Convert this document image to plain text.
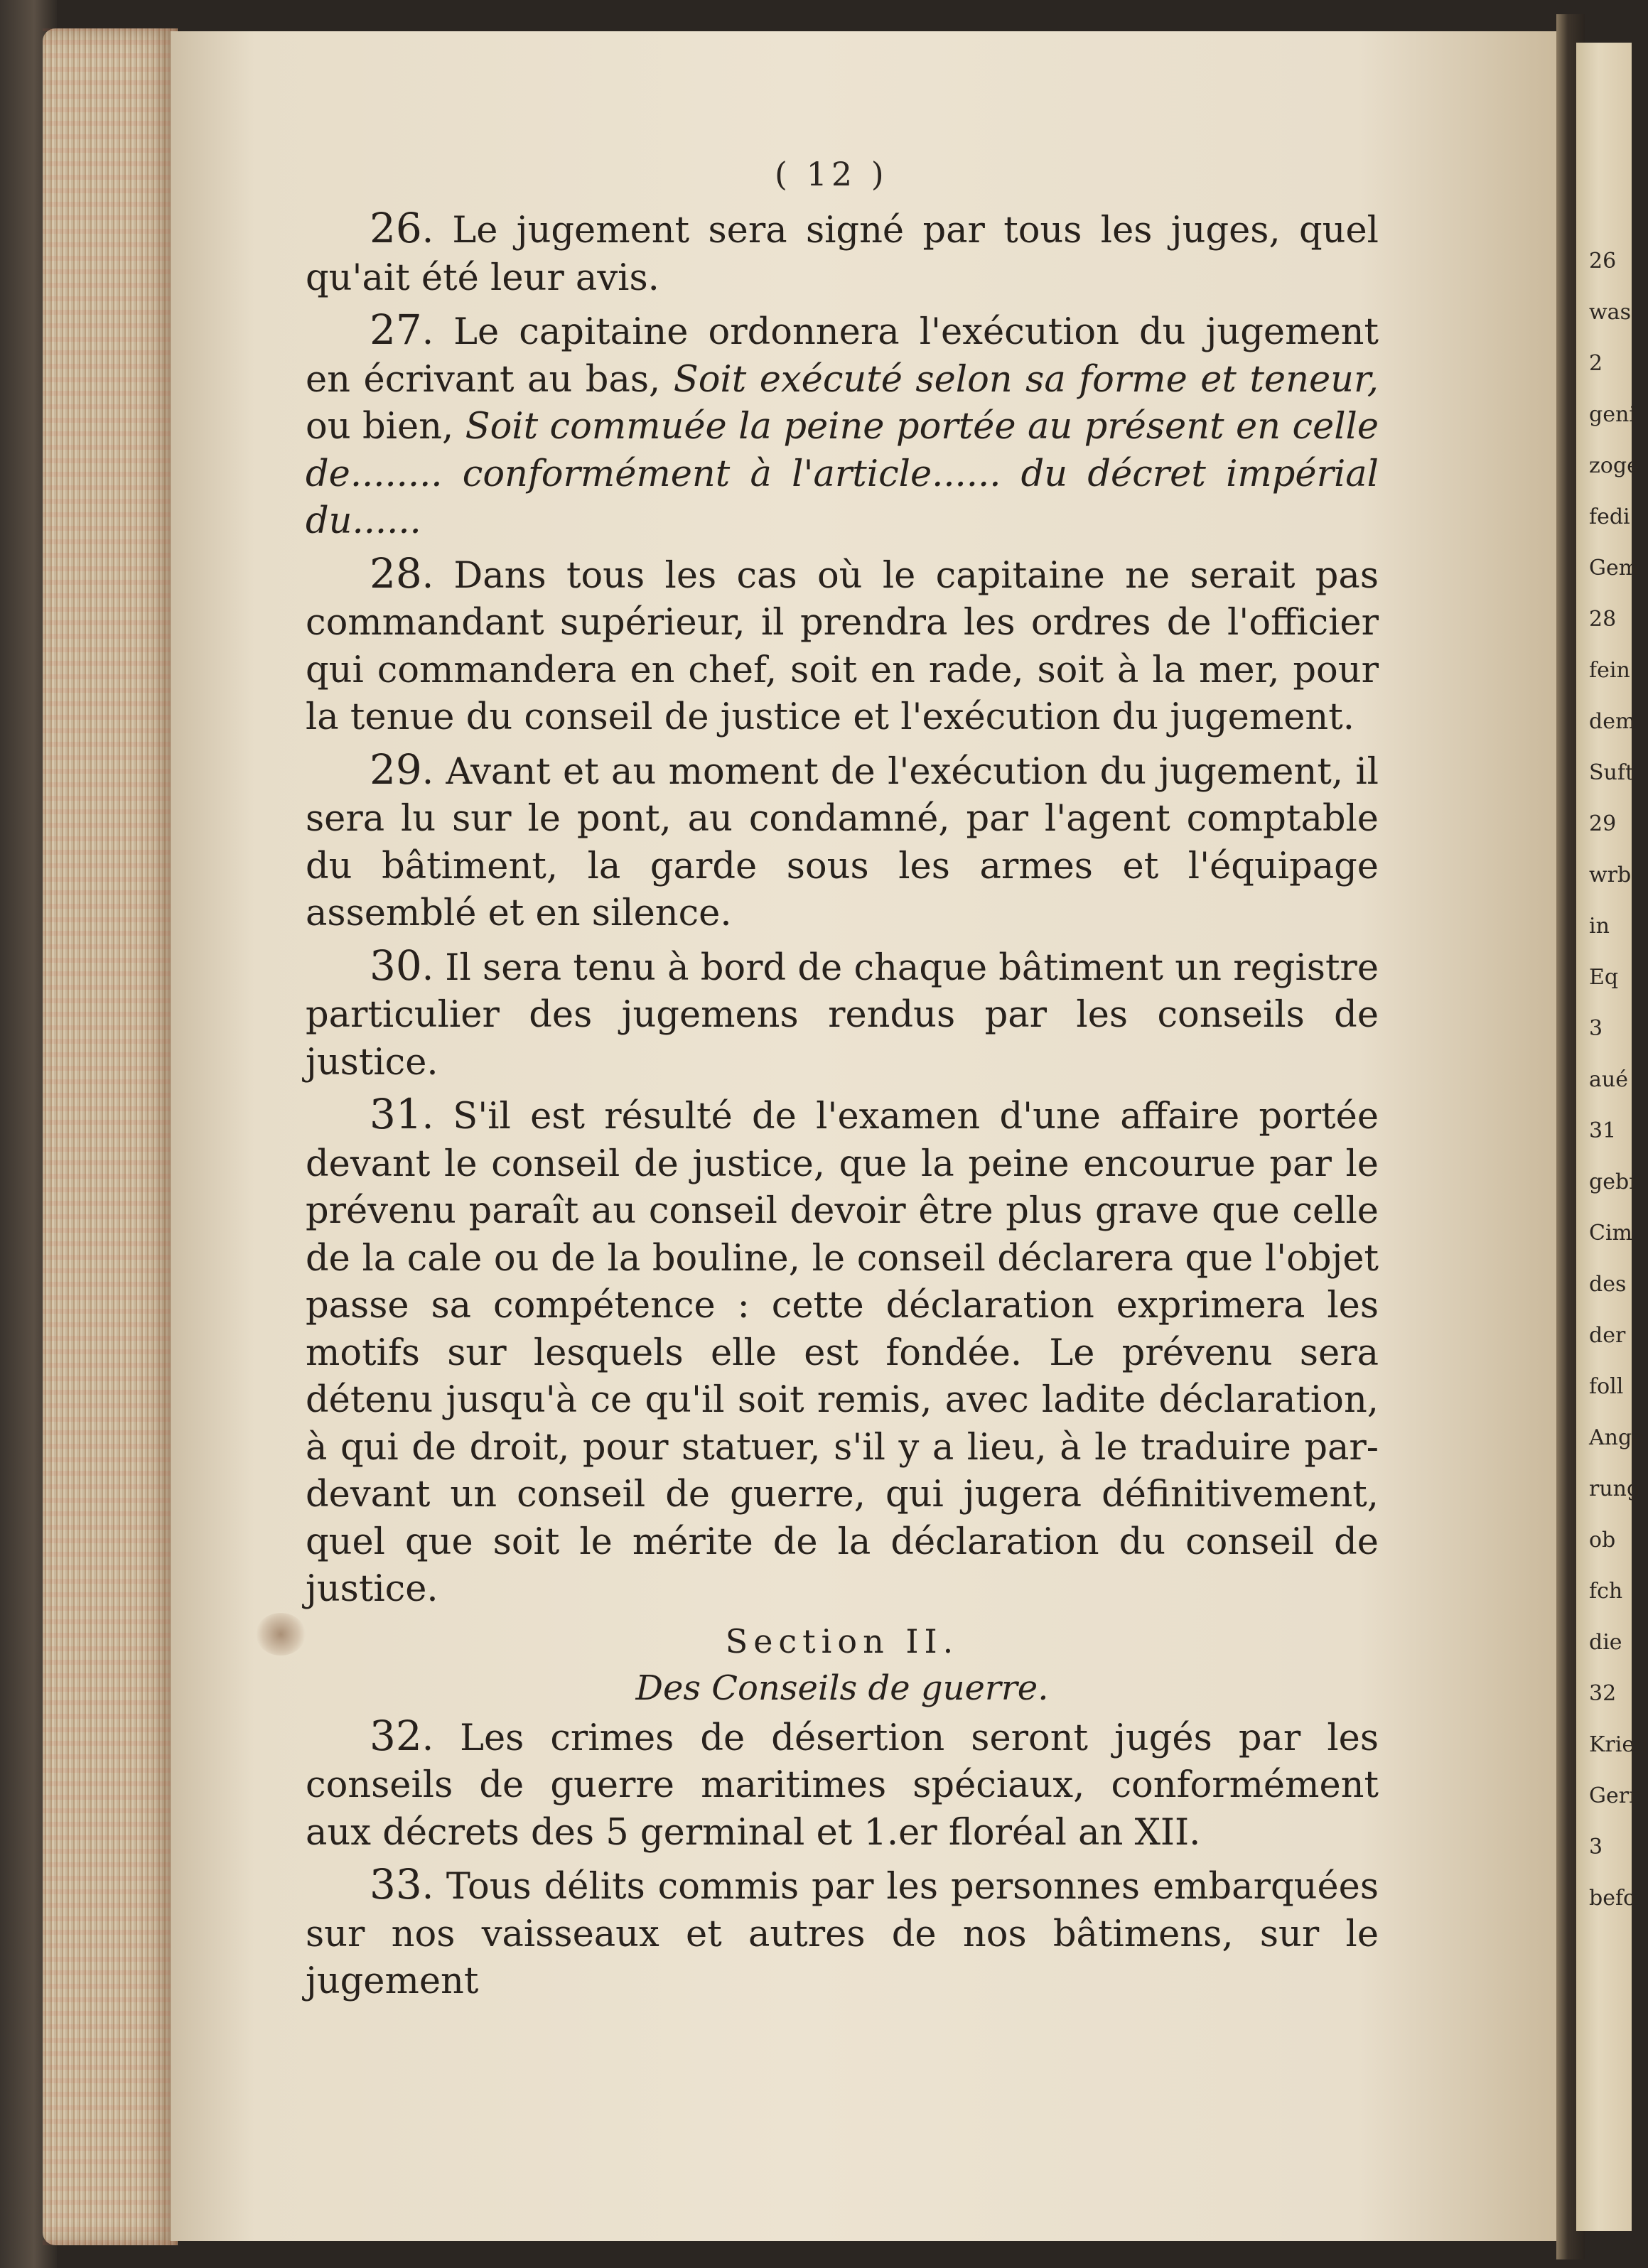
26
was
2
geni
zoge
fedi
Gem
28
fein
dem
Suft
29
wrb
in
Eq
3
aué
31
gebr
Cim
des
der
foll
Ange
rung
ob
fch
die
32
Krieg
Gerr
3
befo
( 12 )

26. Le jugement sera signé par tous les juges, quel qu'ait été leur avis.

27. Le capitaine ordonnera l'exécution du jugement en écrivant au bas, Soit exécuté selon sa forme et teneur, ou bien, Soit commuée la peine portée au présent en celle de........ conformément à l'article...... du décret impérial du......

28. Dans tous les cas où le capitaine ne serait pas commandant supérieur, il prendra les ordres de l'officier qui commandera en chef, soit en rade, soit à la mer, pour la tenue du conseil de justice et l'exécution du jugement.

29. Avant et au moment de l'exécution du jugement, il sera lu sur le pont, au condamné, par l'agent comptable du bâtiment, la garde sous les armes et l'équipage assemblé et en silence.

30. Il sera tenu à bord de chaque bâtiment un registre particulier des jugemens rendus par les conseils de justice.

31. S'il est résulté de l'examen d'une affaire portée devant le conseil de justice, que la peine encourue par le prévenu paraît au conseil devoir être plus grave que celle de la cale ou de la bouline, le conseil déclarera que l'objet passe sa compétence : cette déclaration exprimera les motifs sur lesquels elle est fondée. Le prévenu sera détenu jusqu'à ce qu'il soit remis, avec ladite déclaration, à qui de droit, pour statuer, s'il y a lieu, à le traduire par-devant un conseil de guerre, qui jugera définitivement, quel que soit le mérite de la déclaration du conseil de justice.

Section II.

Des Conseils de guerre.

32. Les crimes de désertion seront jugés par les conseils de guerre maritimes spéciaux, conformément aux décrets des 5 germinal et 1.er floréal an XII.

33. Tous délits commis par les personnes embarquées sur nos vaisseaux et autres de nos bâtimens, sur le jugement
